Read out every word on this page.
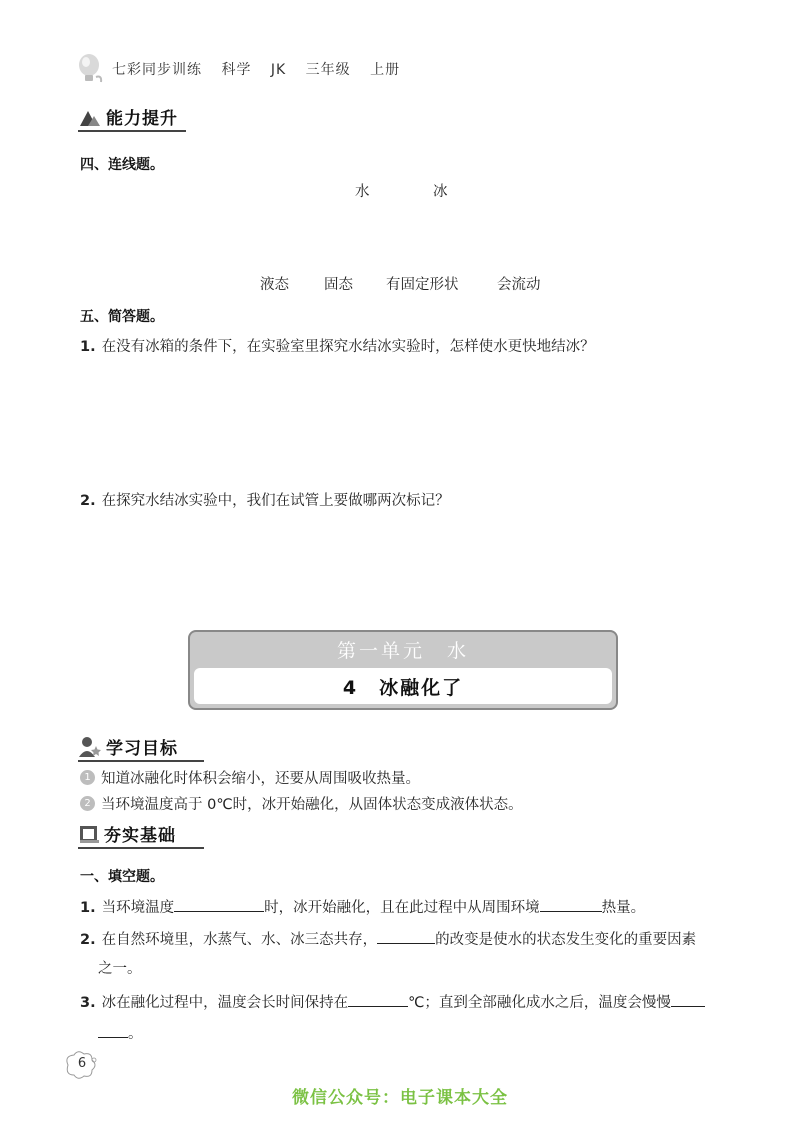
七彩同步训练 科学 JK 三年级 上册
能力提升
四、连线题。
水	冰
液态 固态 有固定形状	会流动
五、简答题。
1. 在没有冰箱的条件下，在实验室里探究水结冰实验时，怎样使水更快地结冰？
2. 在探究水结冰实验中，我们在试管上要做哪两次标记？
第一单元　水
4　冰融化了
学习目标
1 知道冰融化时体积会缩小，还要从周围吸收热量。
2 当环境温度高于 0℃时，冰开始融化，从固体状态变成液体状态。
夯实基础
一、填空题。
1. 当环境温度	时，冰开始融化，且在此过程中从周围环境	热量。
2. 在自然环境里，水蒸气、水、冰三态共存，	的改变是使水的状态发生变化的重要因素
之一。
3. 冰在融化过程中，温度会长时间保持在	℃；直到全部融化成水之后，温度会慢慢
。
6
微信公众号：电子课本大全
